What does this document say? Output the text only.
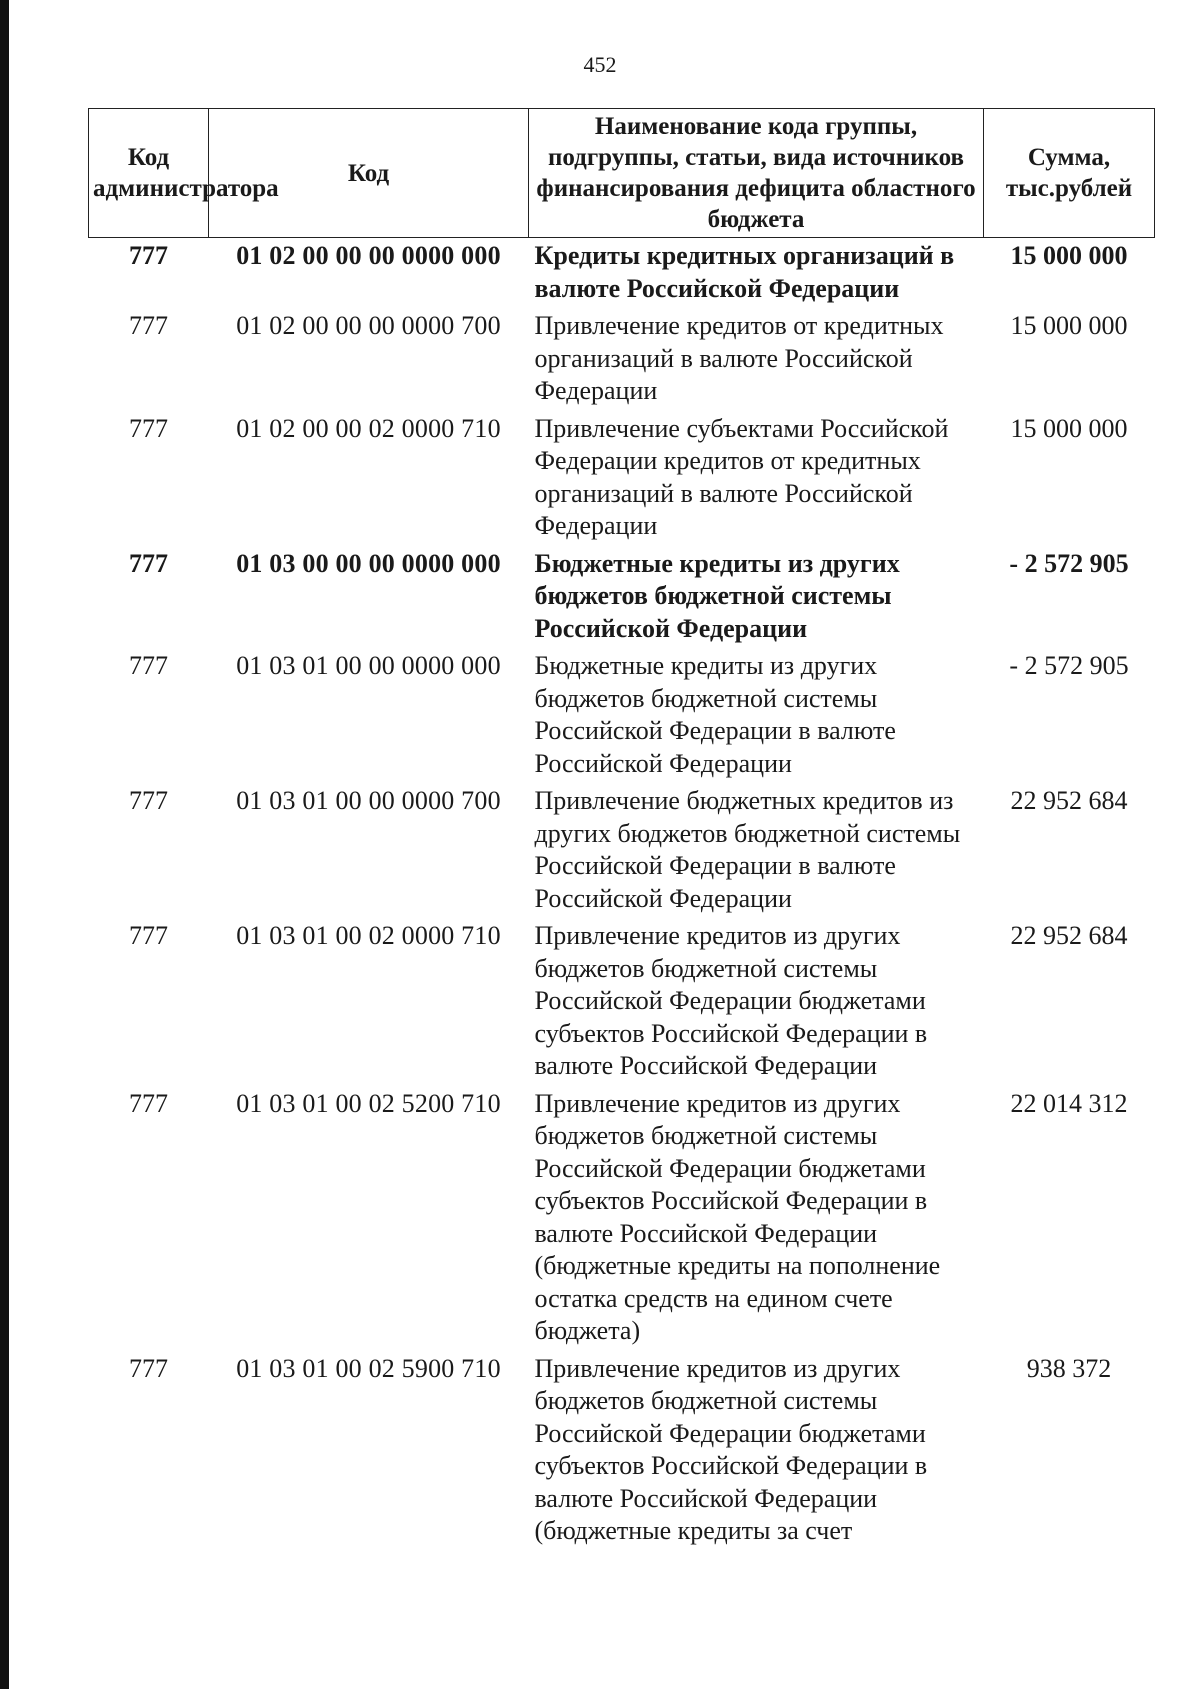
452
Код администратора	Код	Наименование кода группы, подгруппы, статьи, вида источников финансирования дефицита областного бюджета	Сумма, тыс.рублей
777	01 02 00 00 00 0000 000	Кредиты кредитных организаций в валюте Российской Федерации	15 000 000
777	01 02 00 00 00 0000 700	Привлечение кредитов от кредитных организаций в валюте Российской Федерации	15 000 000
777	01 02 00 00 02 0000 710	Привлечение субъектами Российской Федерации кредитов от кредитных организаций в валюте Российской Федерации	15 000 000
777	01 03 00 00 00 0000 000	Бюджетные кредиты из других бюджетов бюджетной системы Российской Федерации	- 2 572 905
777	01 03 01 00 00 0000 000	Бюджетные кредиты из других бюджетов бюджетной системы Российской Федерации в валюте Российской Федерации	- 2 572 905
777	01 03 01 00 00 0000 700	Привлечение бюджетных кредитов из других бюджетов бюджетной системы Российской Федерации в валюте Российской Федерации	22 952 684
777	01 03 01 00 02 0000 710	Привлечение кредитов из других бюджетов бюджетной системы Российской Федерации бюджетами субъектов Российской Федерации в валюте Российской Федерации	22 952 684
777	01 03 01 00 02 5200 710	Привлечение кредитов из других бюджетов бюджетной системы Российской Федерации бюджетами субъектов Российской Федерации в валюте Российской Федерации (бюджетные кредиты на пополнение остатка средств на едином счете бюджета)	22 014 312
777	01 03 01 00 02 5900 710	Привлечение кредитов из других бюджетов бюджетной системы Российской Федерации бюджетами субъектов Российской Федерации в валюте Российской Федерации (бюджетные кредиты за счет	938 372
